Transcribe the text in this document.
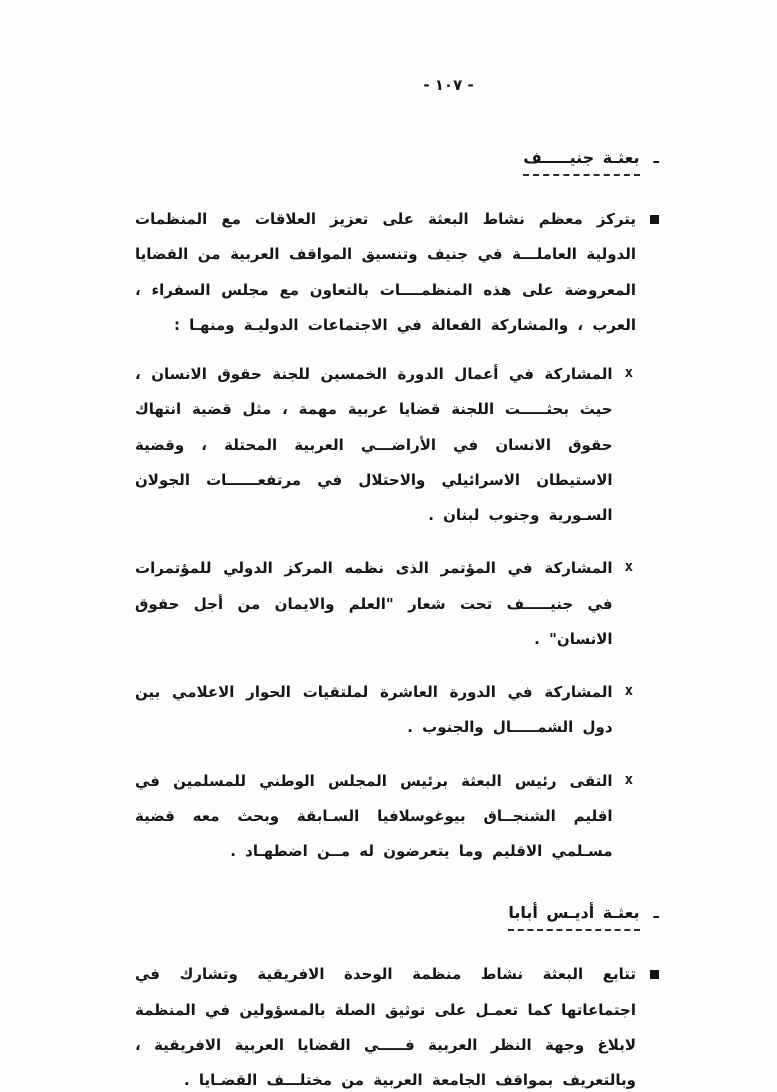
- ١٠٧ -
ـ
بعثـة جنيـــــف
يتركز معظم نشاط البعثة على تعزيز العلاقات مع المنظمات الدولية العاملـــة في جنيف وتنسيق المواقف العربية من القضايا المعروضة على هذه المنظمــــات بالتعاون مع مجلس السفراء ، العرب ، والمشاركة الفعالة في الاجتماعات الدوليـة ومنهـا :
x
المشاركة في أعمال الدورة الخمسين للجنة حقوق الانسان ، حيث بحثـــــت اللجنة قضايا عربية مهمة ، مثل قضية انتهاك حقوق الانسان في الأراضـــي العربية المحتلة ، وقضية الاستيطان الاسرائيلي والاحتلال في مرتفعــــــات الجولان السـورية وجنوب لبنان .
x
المشاركة في المؤتمر الذى نظمه المركز الدولي للمؤتمرات في جنيـــــف تحت شعار "العلم والايمان من أجل حقوق الانسان" .
x
المشاركة في الدورة العاشرة لملتقيات الحوار الاعلامي بين دول الشمـــــال والجنوب .
x
التقى رئيس البعثة برئيس المجلس الوطني للمسلمين في اقليم الشنجــاق بيوغوسلافيا السـابقة وبحث معه قضية مسـلمي الاقليم وما يتعرضون له مــن اضطهـاد .
ـ
بعثـة أديـس أبابا
تتابع البعثة نشاط منظمة الوحدة الافريقية وتشارك في اجتماعاتها كما تعمـل على توثيق الصلة بالمسؤولين في المنظمة لابلاغ وجهة النظر العربية فـــــي القضايا العربية الافريقية ، وبالتعريف بمواقف الجامعة العربية من مختلـــف القضـايا .
